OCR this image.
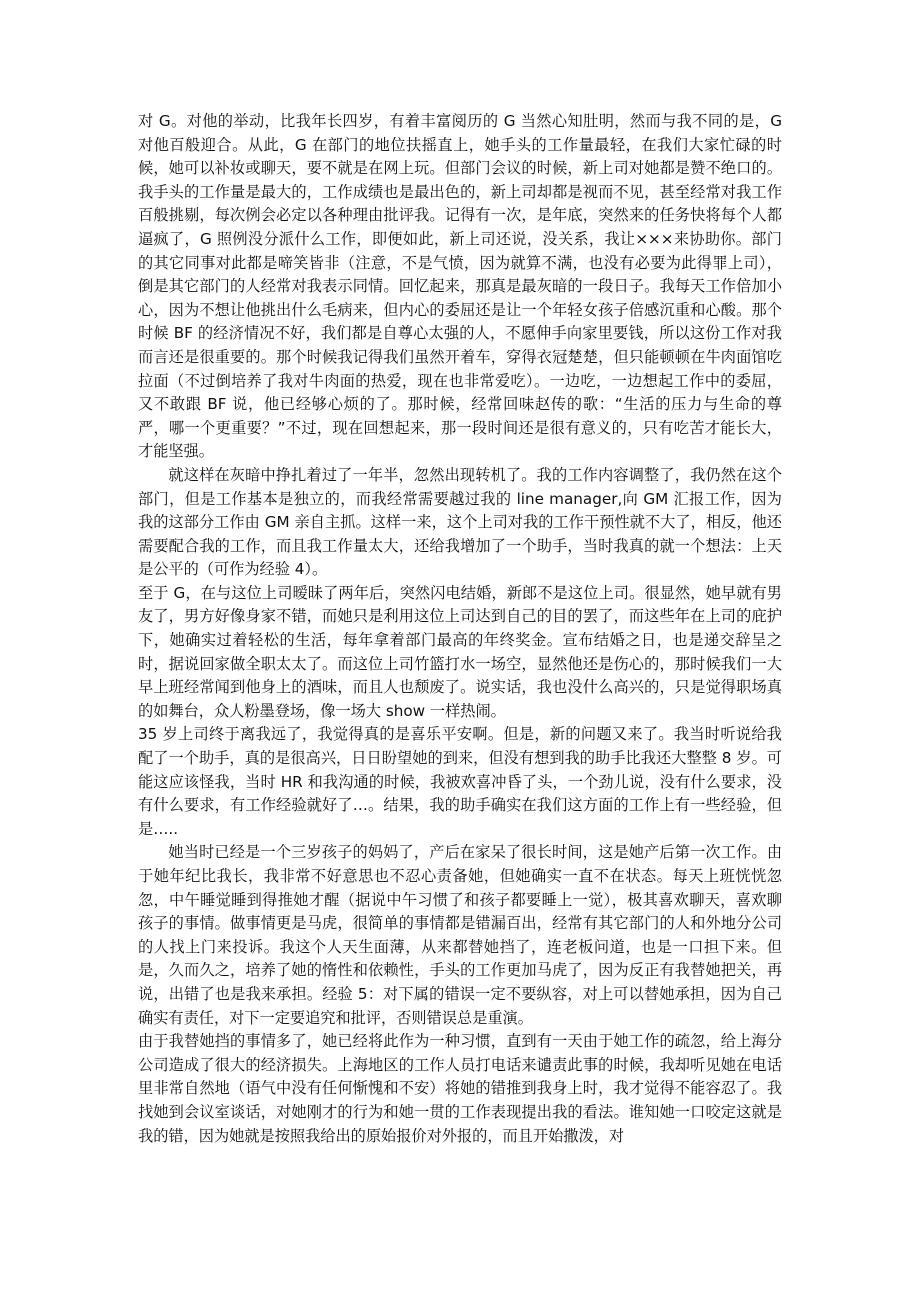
对 G。对他的举动，比我年长四岁，有着丰富阅历的 G 当然心知肚明，然而与我不同的是，G 对他百般迎合。从此，G 在部门的地位扶摇直上，她手头的工作量最轻，在我们大家忙碌的时候，她可以补妆或聊天，要不就是在网上玩。但部门会议的时候，新上司对她都是赞不绝口的。我手头的工作量是最大的，工作成绩也是最出色的，新上司却都是视而不见，甚至经常对我工作百般挑剔，每次例会必定以各种理由批评我。记得有一次，是年底，突然来的任务快将每个人都逼疯了，G 照例没分派什么工作，即便如此，新上司还说，没关系，我让×××来协助你。部门的其它同事对此都是啼笑皆非（注意，不是气愤，因为就算不满，也没有必要为此得罪上司），倒是其它部门的人经常对我表示同情。回忆起来，那真是最灰暗的一段日子。我每天工作倍加小心，因为不想让他挑出什么毛病来，但内心的委屈还是让一个年轻女孩子倍感沉重和心酸。那个时候 BF 的经济情况不好，我们都是自尊心太强的人，不愿伸手向家里要钱，所以这份工作对我而言还是很重要的。那个时候我记得我们虽然开着车，穿得衣冠楚楚，但只能顿顿在牛肉面馆吃拉面（不过倒培养了我对牛肉面的热爱，现在也非常爱吃）。一边吃，一边想起工作中的委屈，又不敢跟 BF 说，他已经够心烦的了。那时候，经常回味赵传的歌：“生活的压力与生命的尊严，哪一个更重要？”不过，现在回想起来，那一段时间还是很有意义的，只有吃苦才能长大，才能坚强。

就这样在灰暗中挣扎着过了一年半，忽然出现转机了。我的工作内容调整了，我仍然在这个部门，但是工作基本是独立的，而我经常需要越过我的 line manager,向 GM 汇报工作，因为我的这部分工作由 GM 亲自主抓。这样一来，这个上司对我的工作干预性就不大了，相反，他还需要配合我的工作，而且我工作量太大，还给我增加了一个助手，当时我真的就一个想法：上天是公平的（可作为经验 4）。

至于 G，在与这位上司暧昧了两年后，突然闪电结婚，新郎不是这位上司。很显然，她早就有男友了，男方好像身家不错，而她只是利用这位上司达到自己的目的罢了，而这些年在上司的庇护下，她确实过着轻松的生活，每年拿着部门最高的年终奖金。宣布结婚之日，也是递交辞呈之时，据说回家做全职太太了。而这位上司竹篮打水一场空，显然他还是伤心的，那时候我们一大早上班经常闻到他身上的酒味，而且人也颓废了。说实话，我也没什么高兴的，只是觉得职场真的如舞台，众人粉墨登场，像一场大 show 一样热闹。

35 岁上司终于离我远了，我觉得真的是喜乐平安啊。但是，新的问题又来了。我当时听说给我配了一个助手，真的是很高兴，日日盼望她的到来，但没有想到我的助手比我还大整整 8 岁。可能这应该怪我，当时 HR 和我沟通的时候，我被欢喜冲昏了头，一个劲儿说，没有什么要求，没有什么要求，有工作经验就好了…。结果，我的助手确实在我们这方面的工作上有一些经验，但是…..

她当时已经是一个三岁孩子的妈妈了，产后在家呆了很长时间，这是她产后第一次工作。由于她年纪比我长，我非常不好意思也不忍心责备她，但她确实一直不在状态。每天上班恍恍忽忽，中午睡觉睡到得推她才醒（据说中午习惯了和孩子都要睡上一觉），极其喜欢聊天，喜欢聊孩子的事情。做事情更是马虎，很简单的事情都是错漏百出，经常有其它部门的人和外地分公司的人找上门来投诉。我这个人天生面薄，从来都替她挡了，连老板问道，也是一口担下来。但是，久而久之，培养了她的惰性和依赖性，手头的工作更加马虎了，因为反正有我替她把关，再说，出错了也是我来承担。经验 5：对下属的错误一定不要纵容，对上可以替她承担，因为自己确实有责任，对下一定要追究和批评，否则错误总是重演。

由于我替她挡的事情多了，她已经将此作为一种习惯，直到有一天由于她工作的疏忽，给上海分公司造成了很大的经济损失。上海地区的工作人员打电话来谴责此事的时候，我却听见她在电话里非常自然地（语气中没有任何惭愧和不安）将她的错推到我身上时，我才觉得不能容忍了。我找她到会议室谈话，对她刚才的行为和她一贯的工作表现提出我的看法。谁知她一口咬定这就是我的错，因为她就是按照我给出的原始报价对外报的，而且开始撒泼，对
